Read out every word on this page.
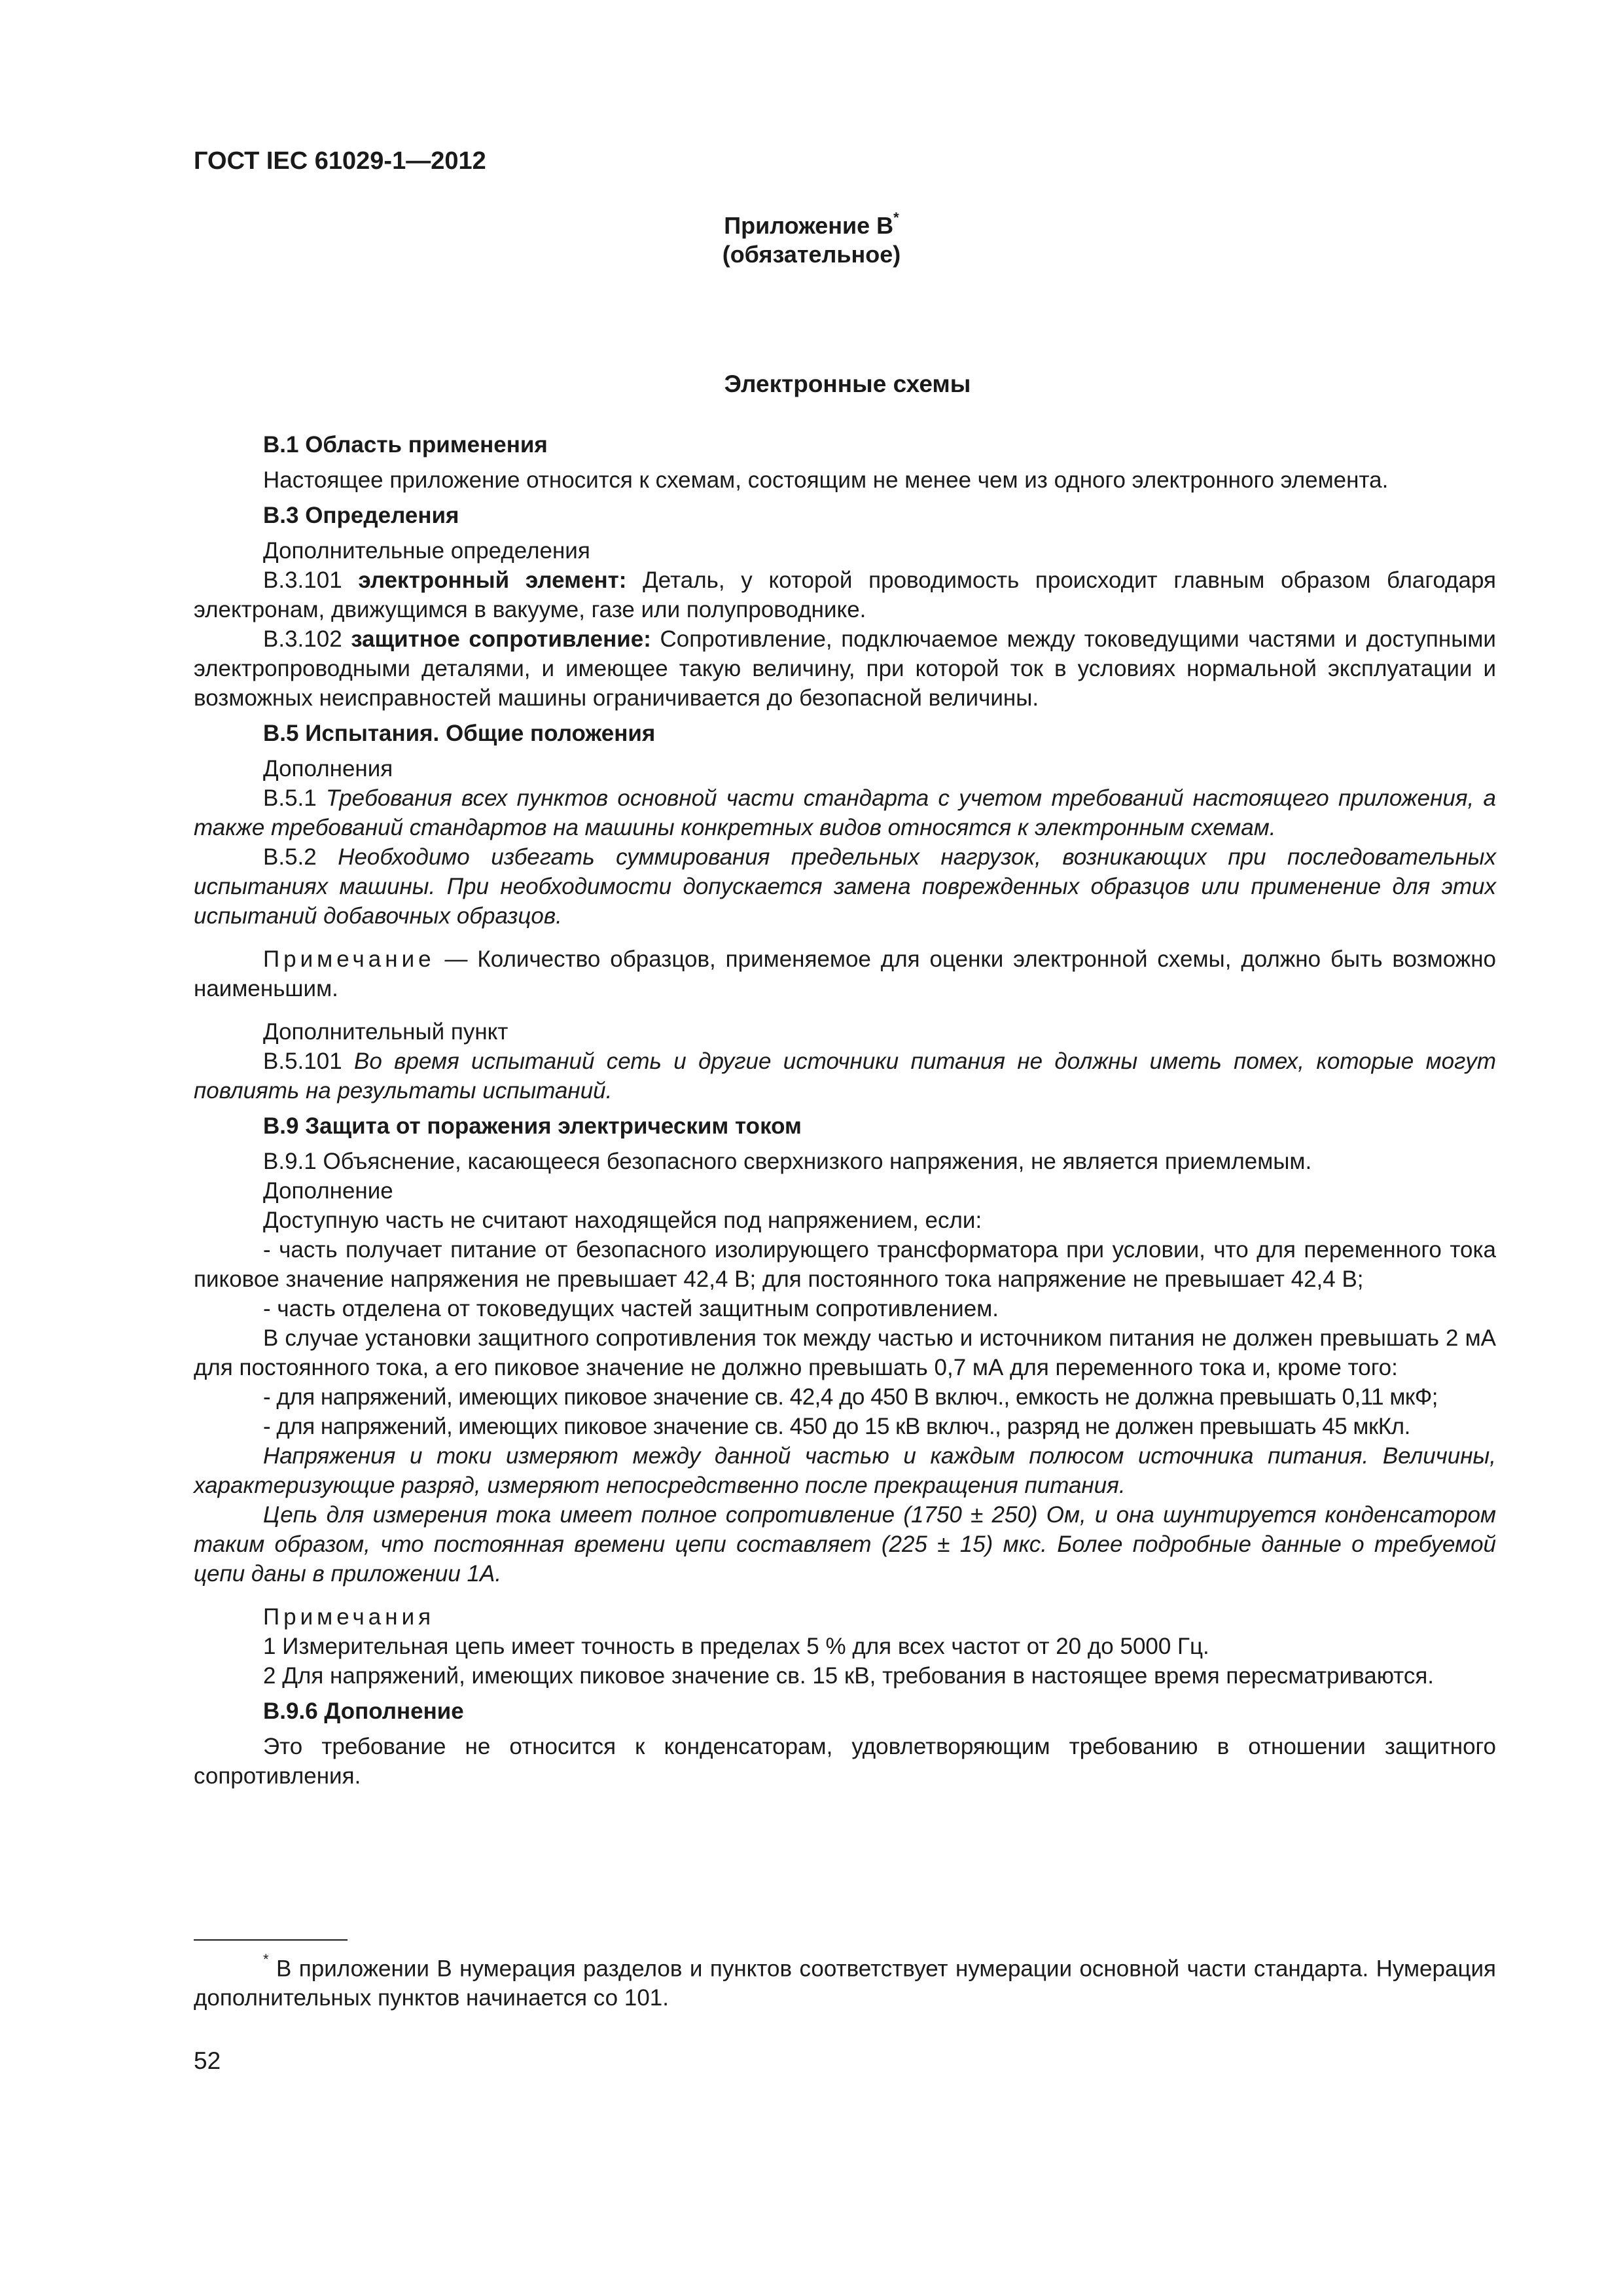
ГОСТ IEC 61029-1—2012
Приложение В*
(обязательное)
Электронные схемы
В.1 Область применения

Настоящее приложение относится к схемам, состоящим не менее чем из одного электронного элемента.

В.3 Определения

Дополнительные определения

В.3.101 электронный элемент: Деталь, у которой проводимость происходит главным образом благодаря электронам, движущимся в вакууме, газе или полупроводнике.

В.3.102 защитное сопротивление: Сопротивление, подключаемое между токоведущими частями и доступными электропроводными деталями, и имеющее такую величину, при которой ток в условиях нормальной эксплуатации и возможных неисправностей машины ограничивается до безопасной величины.

В.5 Испытания. Общие положения

Дополнения

В.5.1 Требования всех пунктов основной части стандарта с учетом требований настоящего приложения, а также требований стандартов на машины конкретных видов относятся к электронным схемам.

В.5.2 Необходимо избегать суммирования предельных нагрузок, возникающих при последовательных испытаниях машины. При необходимости допускается замена поврежденных образцов или применение для этих испытаний добавочных образцов.

Примечание — Количество образцов, применяемое для оценки электронной схемы, должно быть возможно наименьшим.

Дополнительный пункт

В.5.101 Во время испытаний сеть и другие источники питания не должны иметь помех, которые могут повлиять на результаты испытаний.

В.9 Защита от поражения электрическим током

В.9.1 Объяснение, касающееся безопасного сверхнизкого напряжения, не является приемлемым.

Дополнение

Доступную часть не считают находящейся под напряжением, если:

- часть получает питание от безопасного изолирующего трансформатора при условии, что для переменного тока пиковое значение напряжения не превышает 42,4 В; для постоянного тока напряжение не превышает 42,4 В;

- часть отделена от токоведущих частей защитным сопротивлением.

В случае установки защитного сопротивления ток между частью и источником питания не должен превышать 2 мА для постоянного тока, а его пиковое значение не должно превышать 0,7 мА для переменного тока и, кроме того:

- для напряжений, имеющих пиковое значение св. 42,4 до 450 В включ., емкость не должна превышать 0,11 мкФ;

- для напряжений, имеющих пиковое значение св. 450 до 15 кВ включ., разряд не должен превышать 45 мкКл.

Напряжения и токи измеряют между данной частью и каждым полюсом источника питания. Величины, характеризующие разряд, измеряют непосредственно после прекращения питания.

Цепь для измерения тока имеет полное сопротивление (1750 ± 250) Ом, и она шунтируется конденсатором таким образом, что постоянная времени цепи составляет (225 ± 15) мкс. Более подробные данные о требуемой цепи даны в приложении 1А.

Примечания

1 Измерительная цепь имеет точность в пределах 5 % для всех частот от 20 до 5000 Гц.

2 Для напряжений, имеющих пиковое значение св. 15 кВ, требования в настоящее время пересматриваются.

В.9.6 Дополнение

Это требование не относится к конденсаторам, удовлетворяющим требованию в отношении защитного сопротивления.

* В приложении В нумерация разделов и пунктов соответствует нумерации основной части стандарта. Нумерация дополнительных пунктов начинается со 101.

52
